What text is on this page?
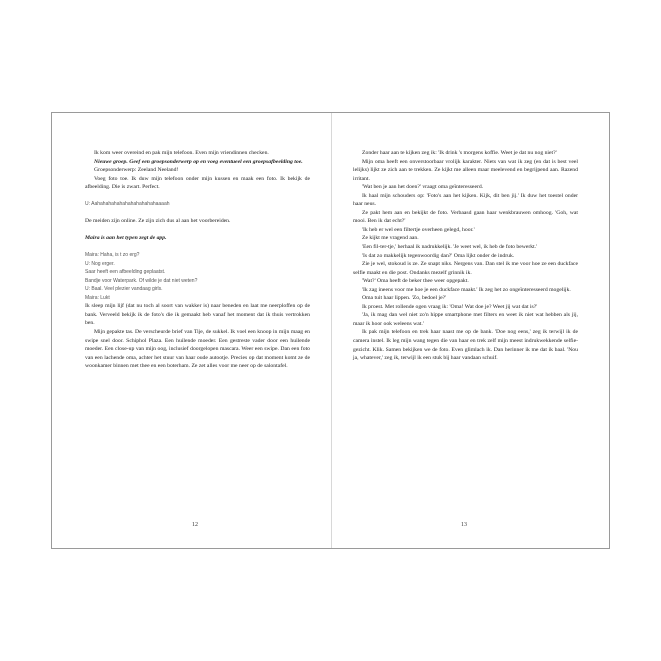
Ik kom weer overeind en pak mijn telefoon. Even mijn vriendinnen checken.

Nieuwe groep. Geef een groepsonderwerp op en voeg eventueel een groepsafbeelding toe.

Groepsonderwerp: Zeeland Neeland!

Voeg foto toe. Ik duw mijn telefoon onder mijn kussen en maak een foto. Ik bekijk de afbeelding. Die is zwart. Perfect.

U: Aahahahahahahahahahahahaaaah

De meiden zijn online. Ze zijn zich dus al aan het voorbereiden.

Maira is aan het typen zegt de app.

Maira: Haha, is t zo erg?

U: Nog erger.

Saar heeft een afbeelding geplaatst.

Bandje voor Waterpark. Of wilde je dat niet weten?

U: Baal. Veel plezier vandaag girls.

Maira: Lukt

Ik sleep mijn lijf (dat nu toch al soort van wakker is) naar beneden en laat me neerploffen op de bank. Verveeld bekijk ik de foto's die ik gemaakt heb vanaf het moment dat ik thuis vertrokken ben.

Mijn gepakte tas. De verscheurde brief van Tije, de sukkel. Ik voel een knoop in mijn maag en swipe snel door. Schiphol Plaza. Een huilende moeder. Een gestreste vader door een huilende moeder. Een close-up van mijn oog, inclusief doorgelopen mascara. Weer een swipe. Dan een foto van een lachende oma, achter het stuur van haar oude autootje. Precies op dat moment komt ze de woonkamer binnen met thee en een boterham. Ze zet alles voor me neer op de salontafel.

Zonder haar aan te kijken zeg ik: 'Ik drink 's morgens koffie. Weet je dat nu nog niet?'

Mijn oma heeft een onverstoorbaar vrolijk karakter. Niets van wat ik zeg (en dat is best veel lelijks) lijkt ze zich aan te trekken. Ze kijkt me alleen maar meelevend en begrijpend aan. Razend irritant.

'Wat ben je aan het doen?' vraagt oma geïnteresseerd.

Ik haal mijn schouders op: 'Foto's aan het kijken. Kijk, dit ben jij.' Ik duw het toestel onder haar neus.

Ze pakt hem aan en bekijkt de foto. Verbaasd gaan haar wenkbrauwen omhoog. 'Goh, wat mooi. Ben ik dat echt?'

'Ik heb er wel een filtertje overheen gelegd, hoor.'

Ze kijkt me vragend aan.

'Een fil-ter-tje,' herhaal ik nadrukkelijk. 'Je weet wel, ik heb de foto bewerkt.'

'Is dat zo makkelijk tegenwoordig dan?' Oma lijkt onder de indruk.

Zie je wel, stokoud is ze. Ze snapt niks. Nergens van. Dan stel ik me voor hoe ze een duckface selfie maakt en die post. Ondanks mezelf grinnik ik.

'Wat?' Oma heeft de beker thee weer opgepakt.

'Ik zag ineens voor me hoe je een duckface maakt.' Ik zeg het zo ongeïnteresseerd mogelijk.

Oma tuit haar lippen. 'Zo, bedoel je?'

Ik proest. Met rollende ogen vraag ik: 'Oma! Wat doe je? Weet jij wat dat is?'

'Ja, ik mag dan wel niet zo'n hippe smartphone met filters en weet ik niet wat hebben als jij, maar ik hoor ook weleens wat.'

Ik pak mijn telefoon en trek haar naast me op de bank. 'Doe nog eens,' zeg ik terwijl ik de camera instel. Ik leg mijn wang tegen die van haar en trek zelf mijn meest indrukwekkende selfie-gezicht. Klik. Samen bekijken we de foto. Even glimlach ik. Dan herinner ik me dat ik baal. 'Nou ja, whatever,' zeg ik, terwijl ik een stuk bij haar vandaan schuif.

12	13
